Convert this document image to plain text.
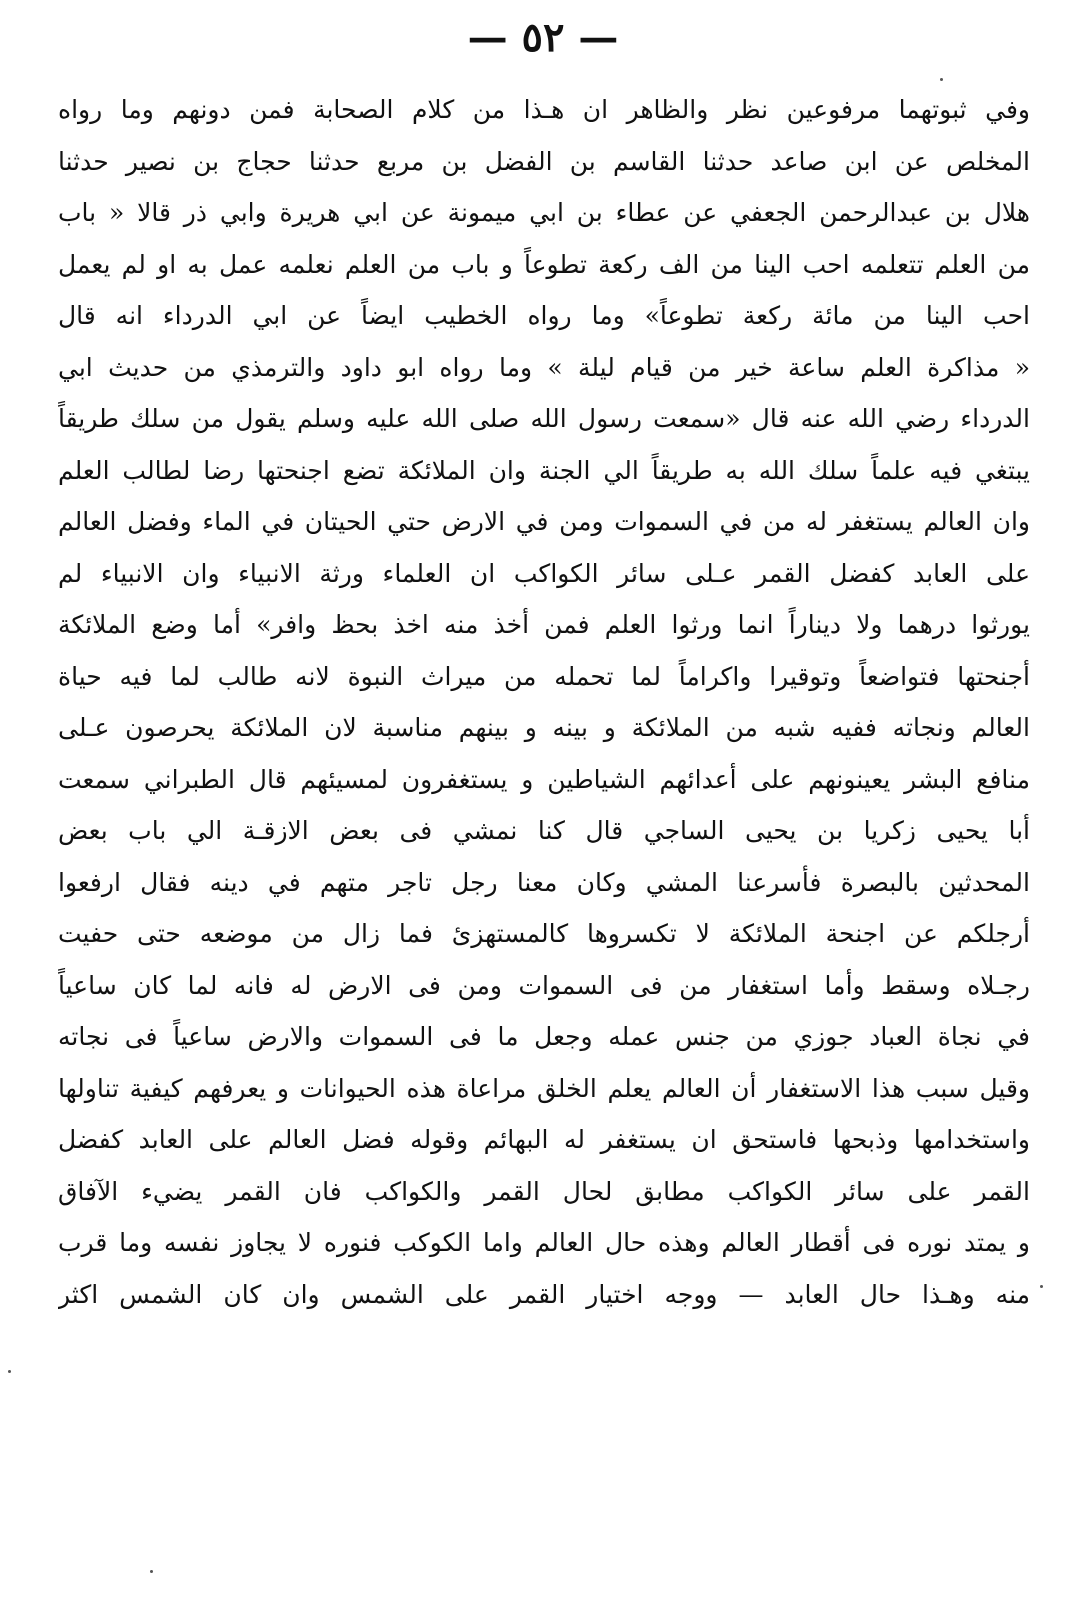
— ٥٢ —
وفي ثبوتهما مرفوعين نظر والظاهر ان هـذا من كلام الصحابة فمن دونهم وما رواه
المخلص عن ابن صاعد حدثنا القاسم بن الفضل بن مربع حدثنا حجاج بن نصير حدثنا
هلال بن عبدالرحمن الجعفي عن عطاء بن ابي ميمونة عن ابي هريرة وابي ذر قالا « باب
من العلم تتعلمه احب الينا من الف ركعة تطوعاً و باب من العلم نعلمه عمل به او لم يعمل
احب الينا من مائة ركعة تطوعاً» وما رواه الخطيب ايضاً عن ابي الدرداء انه قال
« مذاكرة العلم ساعة خير من قيام ليلة » وما رواه ابو داود والترمذي من حديث ابي
الدرداء رضي الله عنه قال «سمعت رسول الله صلى الله عليه وسلم يقول من سلك طريقاً
يبتغي فيه علماً سلك الله به طريقاً الي الجنة وان الملائكة تضع اجنحتها رضا لطالب العلم
وان العالم يستغفر له من في السموات ومن في الارض حتي الحيتان في الماء وفضل العالم
على العابد كفضل القمر عـلى سائر الكواكب ان العلماء ورثة الانبياء وان الانبياء لم
يورثوا درهما ولا ديناراً انما ورثوا العلم فمن أخذ منه اخذ بحظ وافر» أما وضع الملائكة
أجنحتها فتواضعاً وتوقيرا واكراماً لما تحمله من ميراث النبوة لانه طالب لما فيه حياة
العالم ونجاته ففيه شبه من الملائكة و بينه و بينهم مناسبة لان الملائكة يحرصون عـلى
منافع البشر يعينونهم على أعدائهم الشياطين و يستغفرون لمسيئهم قال الطبراني سمعت
أبا يحيى زكريا بن يحيى الساجي قال كنا نمشي فى بعض الازقـة الي باب بعض
المحدثين بالبصرة فأسرعنا المشي وكان معنا رجل تاجر متهم في دينه فقال ارفعوا
أرجلكم عن اجنحة الملائكة لا تكسروها كالمستهزئ فما زال من موضعه حتى حفيت
رجـلاه وسقط وأما استغفار من فى السموات ومن فى الارض له فانه لما كان ساعياً
في نجاة العباد جوزي من جنس عمله وجعل ما فى السموات والارض ساعياً فى نجاته
وقيل سبب هذا الاستغفار أن العالم يعلم الخلق مراعاة هذه الحيوانات و يعرفهم كيفية تناولها
واستخدامها وذبحها فاستحق ان يستغفر له البهائم وقوله فضل العالم على العابد كفضل
القمر على سائر الكواكب مطابق لحال القمر والكواكب فان القمر يضيء الآفاق
و يمتد نوره فى أقطار العالم وهذه حال العالم واما الكوكب فنوره لا يجاوز نفسه وما قرب
منه وهـذا حال العابد — ووجه اختيار القمر على الشمس وان كان الشمس اكثر
